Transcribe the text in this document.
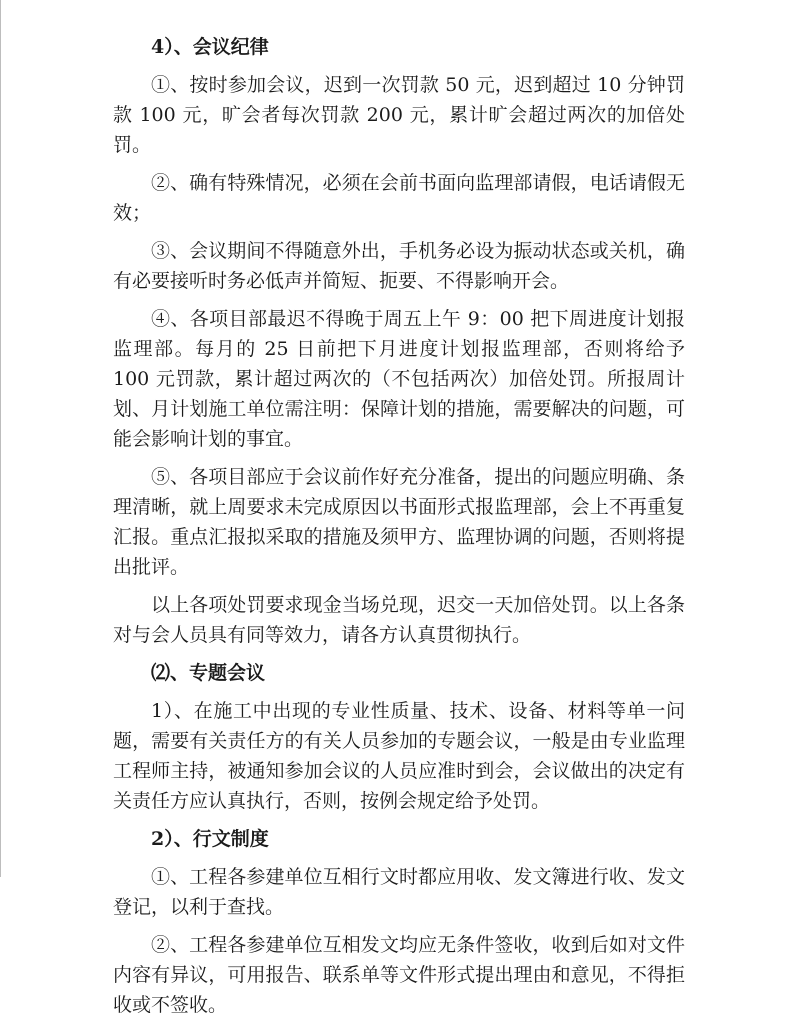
4）、会议纪律
①、按时参加会议，迟到一次罚款 50 元，迟到超过 10 分钟罚款 100 元，旷会者每次罚款 200 元，累计旷会超过两次的加倍处罚。
②、确有特殊情况，必须在会前书面向监理部请假，电话请假无效；
③、会议期间不得随意外出，手机务必设为振动状态或关机，确有必要接听时务必低声并简短、扼要、不得影响开会。
④、各项目部最迟不得晚于周五上午 9：00 把下周进度计划报监理部。每月的 25 日前把下月进度计划报监理部，否则将给予 100 元罚款，累计超过两次的（不包括两次）加倍处罚。所报周计划、月计划施工单位需注明：保障计划的措施，需要解决的问题，可能会影响计划的事宜。
⑤、各项目部应于会议前作好充分准备，提出的问题应明确、条理清晰，就上周要求未完成原因以书面形式报监理部，会上不再重复汇报。重点汇报拟采取的措施及须甲方、监理协调的问题，否则将提出批评。
以上各项处罚要求现金当场兑现，迟交一天加倍处罚。以上各条对与会人员具有同等效力，请各方认真贯彻执行。
⑵、专题会议
1）、在施工中出现的专业性质量、技术、设备、材料等单一问题，需要有关责任方的有关人员参加的专题会议，一般是由专业监理工程师主持，被通知参加会议的人员应准时到会，会议做出的决定有关责任方应认真执行，否则，按例会规定给予处罚。
2）、行文制度
①、工程各参建单位互相行文时都应用收、发文簿进行收、发文登记，以利于查找。
②、工程各参建单位互相发文均应无条件签收，收到后如对文件内容有异议，可用报告、联系单等文件形式提出理由和意见，不得拒收或不签收。
